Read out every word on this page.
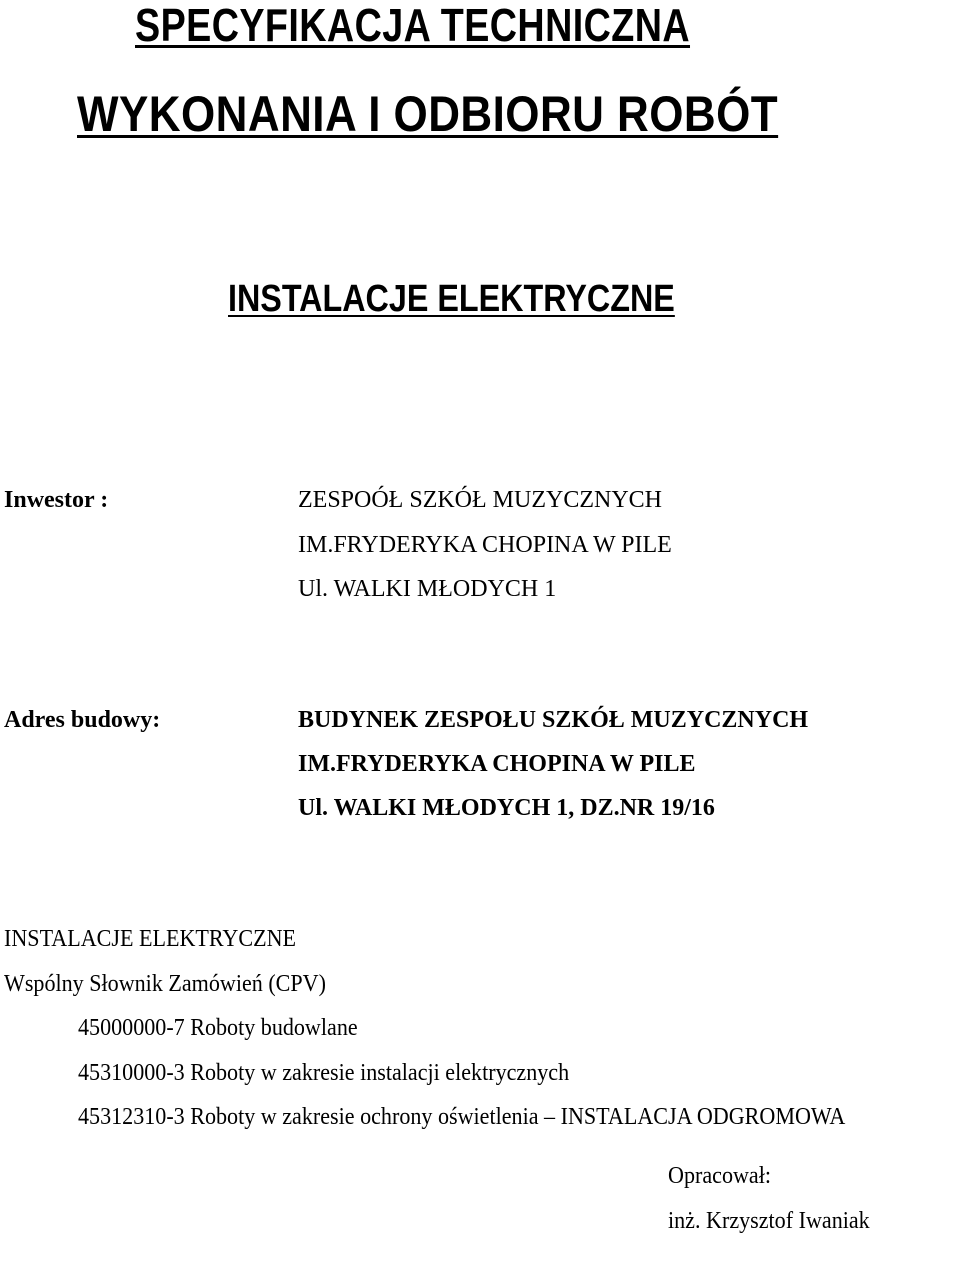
SPECYFIKACJA TECHNICZNA
WYKONANIA I ODBIORU ROBÓT
INSTALACJE ELEKTRYCZNE
Inwestor :	ZESPOÓŁ SZKÓŁ MUZYCZNYCH
IM.FRYDERYKA CHOPINA W PILE
Ul. WALKI MŁODYCH 1
Adres budowy:	BUDYNEK ZESPOŁU SZKÓŁ MUZYCZNYCH
IM.FRYDERYKA CHOPINA W PILE
Ul. WALKI MŁODYCH 1, DZ.NR 19/16
INSTALACJE ELEKTRYCZNE
Wspólny Słownik Zamówień (CPV)
45000000-7 Roboty budowlane
45310000-3 Roboty w zakresie instalacji elektrycznych
45312310-3 Roboty w zakresie ochrony oświetlenia – INSTALACJA ODGROMOWA
Opracował:
inż. Krzysztof Iwaniak
